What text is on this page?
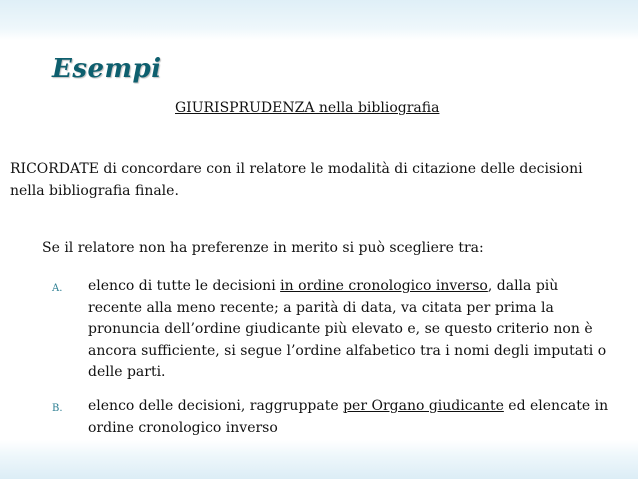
Esempi
GIURISPRUDENZA nella bibliografia
RICORDATE di concordare con il relatore le modalità di citazione delle decisioni nella bibliografia finale.
Se il relatore non ha preferenze in merito si può scegliere tra:
A. elenco di tutte le decisioni in ordine cronologico inverso, dalla più recente alla meno recente; a parità di data, va citata per prima la pronuncia dell’ordine giudicante più elevato e, se questo criterio non è ancora sufficiente, si segue l’ordine alfabetico tra i nomi degli imputati o delle parti.
B. elenco delle decisioni, raggruppate per Organo giudicante ed elencate in ordine cronologico inverso
